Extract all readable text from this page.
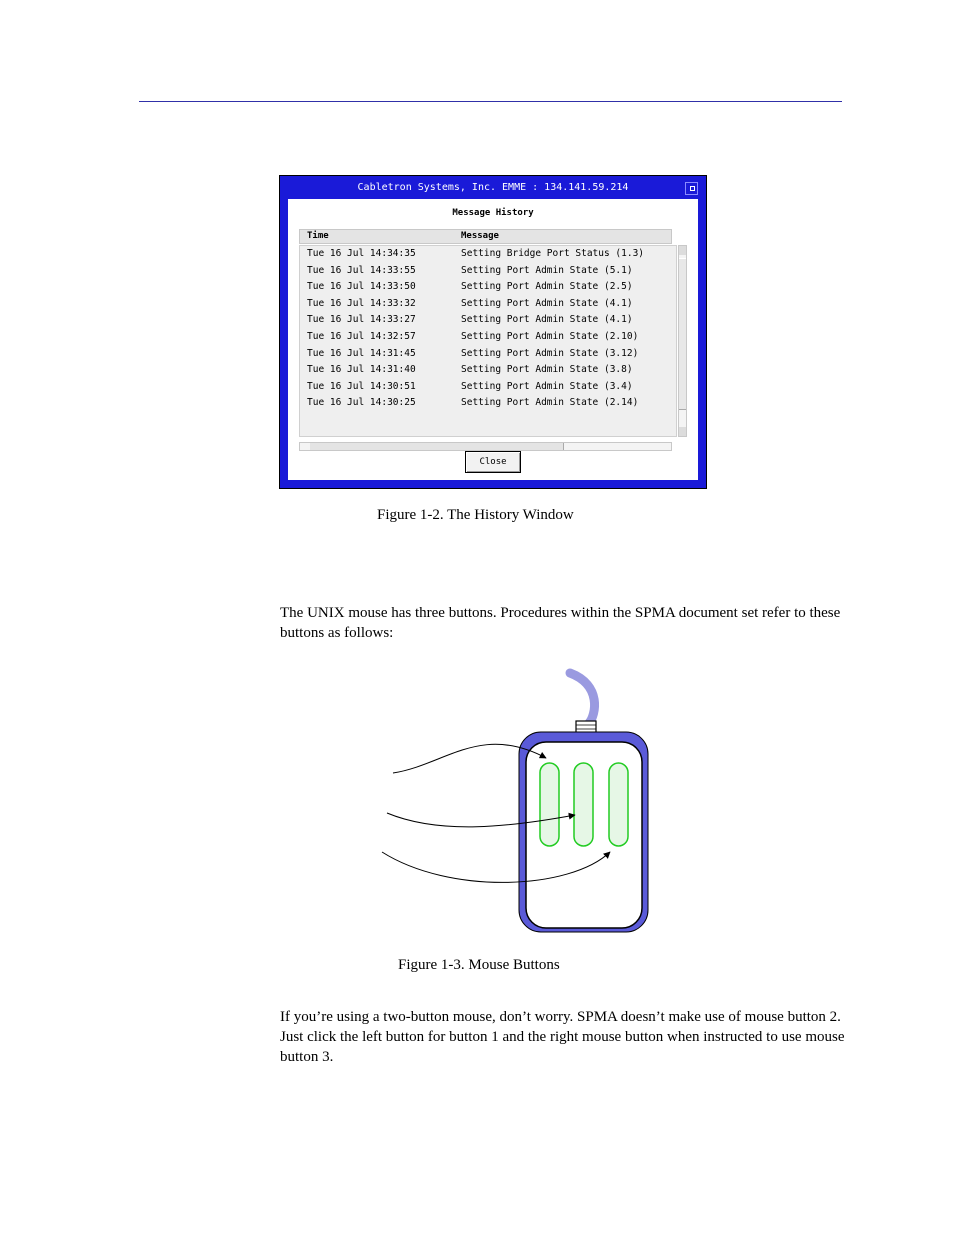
Cabletron Systems, Inc. EMME : 134.141.59.214
Message History
Time	Message
Tue 16 Jul 14:34:35	Setting Bridge Port Status (1.3)
Tue 16 Jul 14:33:55	Setting Port Admin State (5.1)
Tue 16 Jul 14:33:50	Setting Port Admin State (2.5)
Tue 16 Jul 14:33:32	Setting Port Admin State (4.1)
Tue 16 Jul 14:33:27	Setting Port Admin State (4.1)
Tue 16 Jul 14:32:57	Setting Port Admin State (2.10)
Tue 16 Jul 14:31:45	Setting Port Admin State (3.12)
Tue 16 Jul 14:31:40	Setting Port Admin State (3.8)
Tue 16 Jul 14:30:51	Setting Port Admin State (3.4)
Tue 16 Jul 14:30:25	Setting Port Admin State (2.14)
Close
Figure 1-2. The History Window
The UNIX mouse has three buttons. Procedures within the SPMA document set refer to these buttons as follows:
Figure 1-3. Mouse Buttons
If you’re using a two-button mouse, don’t worry. SPMA doesn’t make use of mouse button 2. Just click the left button for button 1 and the right mouse button when instructed to use mouse button 3.
